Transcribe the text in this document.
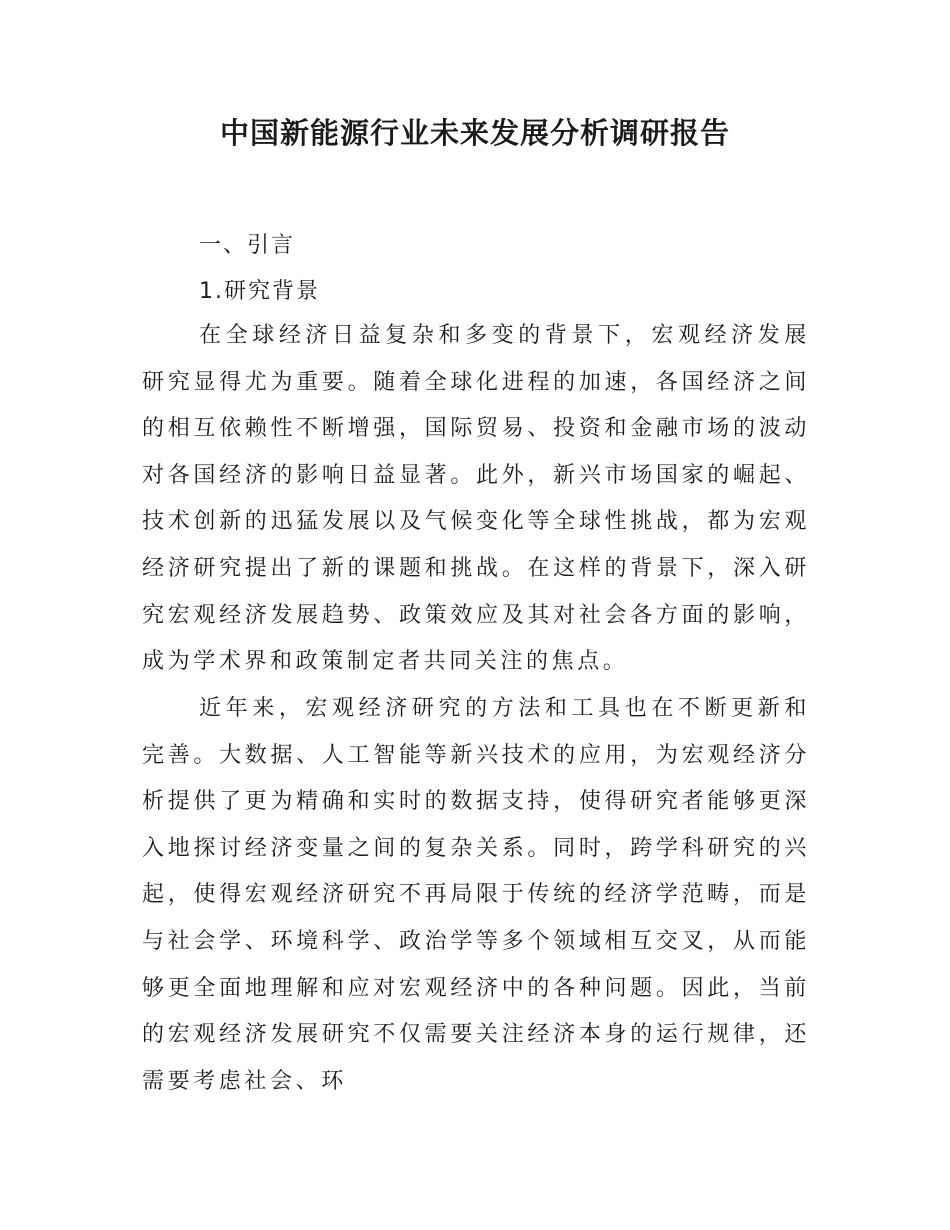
中国新能源行业未来发展分析调研报告
一、引言
1.研究背景

在全球经济日益复杂和多变的背景下，宏观经济发展研究显得尤为重要。随着全球化进程的加速，各国经济之间的相互依赖性不断增强，国际贸易、投资和金融市场的波动对各国经济的影响日益显著。此外，新兴市场国家的崛起、技术创新的迅猛发展以及气候变化等全球性挑战，都为宏观经济研究提出了新的课题和挑战。在这样的背景下，深入研究宏观经济发展趋势、政策效应及其对社会各方面的影响，成为学术界和政策制定者共同关注的焦点。

近年来，宏观经济研究的方法和工具也在不断更新和完善。大数据、人工智能等新兴技术的应用，为宏观经济分析提供了更为精确和实时的数据支持，使得研究者能够更深入地探讨经济变量之间的复杂关系。同时，跨学科研究的兴起，使得宏观经济研究不再局限于传统的经济学范畴，而是与社会学、环境科学、政治学等多个领域相互交叉，从而能够更全面地理解和应对宏观经济中的各种问题。因此，当前的宏观经济发展研究不仅需要关注经济本身的运行规律，还需要考虑社会、环
